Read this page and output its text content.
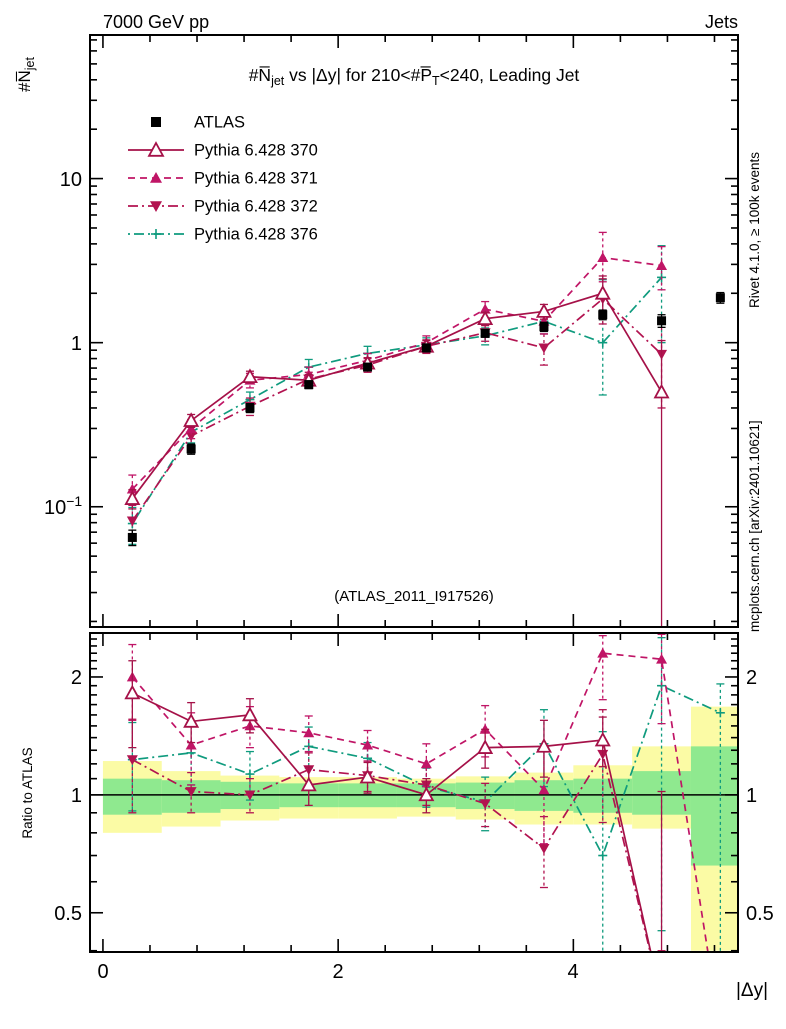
7000 GeV pp	Jets
$\#N̅_{jet}$ vs |Δy| for $210<\#P̅_T<240$, Leading Jet
(ATLAS_2011_I917526)
$\#N̅_{jet}$
Ratio to ATLAS
Rivet 4.1.0, ≥ 100k events
mcplots.cern.ch [arXiv:2401.10621]
10
1
$10^{-1}$
2
1
0.5
2
1
0.5
0	2	4
|Δy|
ATLAS
Pythia 6.428 370
Pythia 6.428 371
Pythia 6.428 372
Pythia 6.428 376
